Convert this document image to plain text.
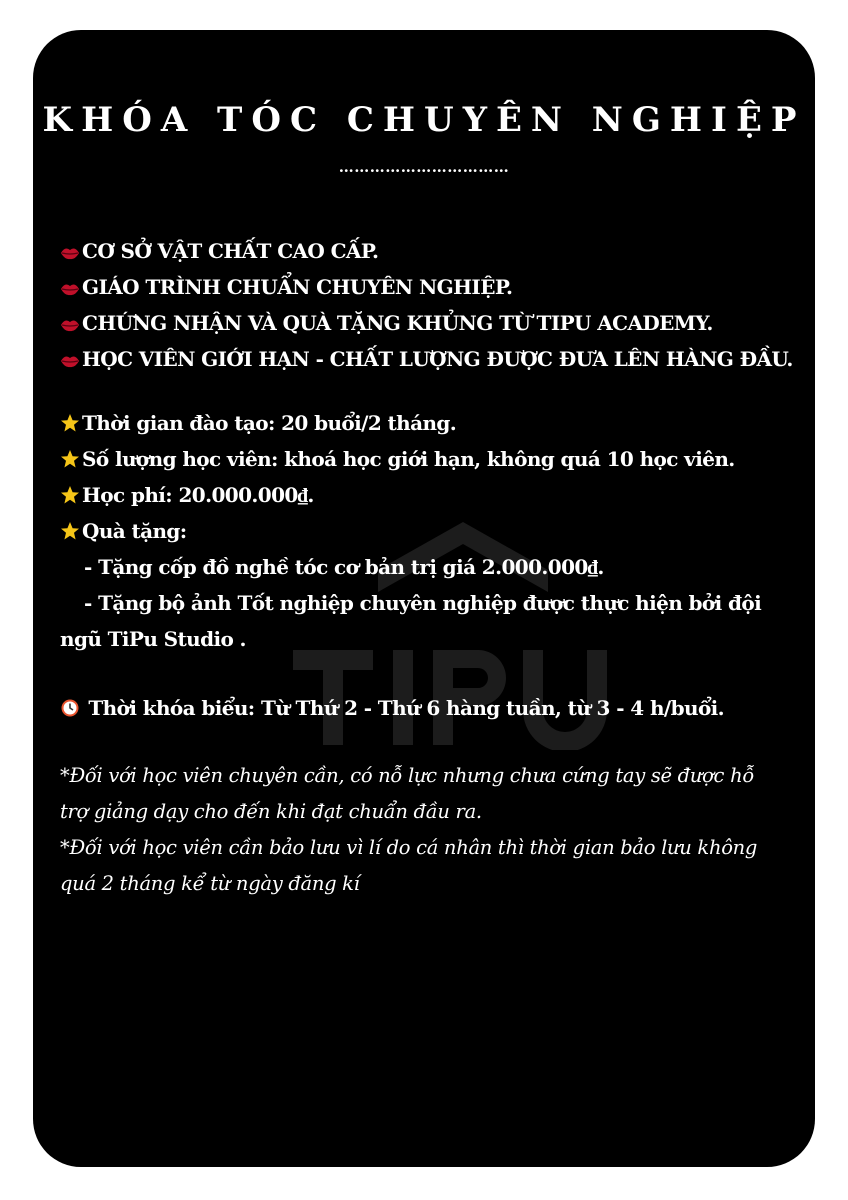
KHÓA TÓC CHUYÊN NGHIỆP
……………………………
CƠ SỞ VẬT CHẤT CAO CẤP.
GIÁO TRÌNH CHUẨN CHUYÊN NGHIỆP.
CHỨNG NHẬN VÀ QUÀ TẶNG KHỦNG TỪ TIPU ACADEMY.
HỌC VIÊN GIỚI HẠN - CHẤT LƯỢNG ĐƯỢC ĐƯA LÊN HÀNG ĐẦU.
Thời gian đào tạo: 20 buổi/2 tháng.
Số lượng học viên: khoá học giới hạn, không quá 10 học viên.
Học phí: 20.000.000₫.
Quà tặng:
- Tặng cốp đồ nghề tóc cơ bản trị giá 2.000.000₫.
- Tặng bộ ảnh Tốt nghiệp chuyên nghiệp được thực hiện bởi đội
ngũ TiPu Studio .
Thời khóa biểu: Từ Thứ 2 - Thứ 6 hàng tuần, từ 3 - 4 h/buổi.
*Đối với học viên chuyên cần, có nỗ lực nhưng chưa cứng tay sẽ được hỗ
trợ giảng dạy cho đến khi đạt chuẩn đầu ra.
*Đối với học viên cần bảo lưu vì lí do cá nhân thì thời gian bảo lưu không
quá 2 tháng kể từ ngày đăng kí
